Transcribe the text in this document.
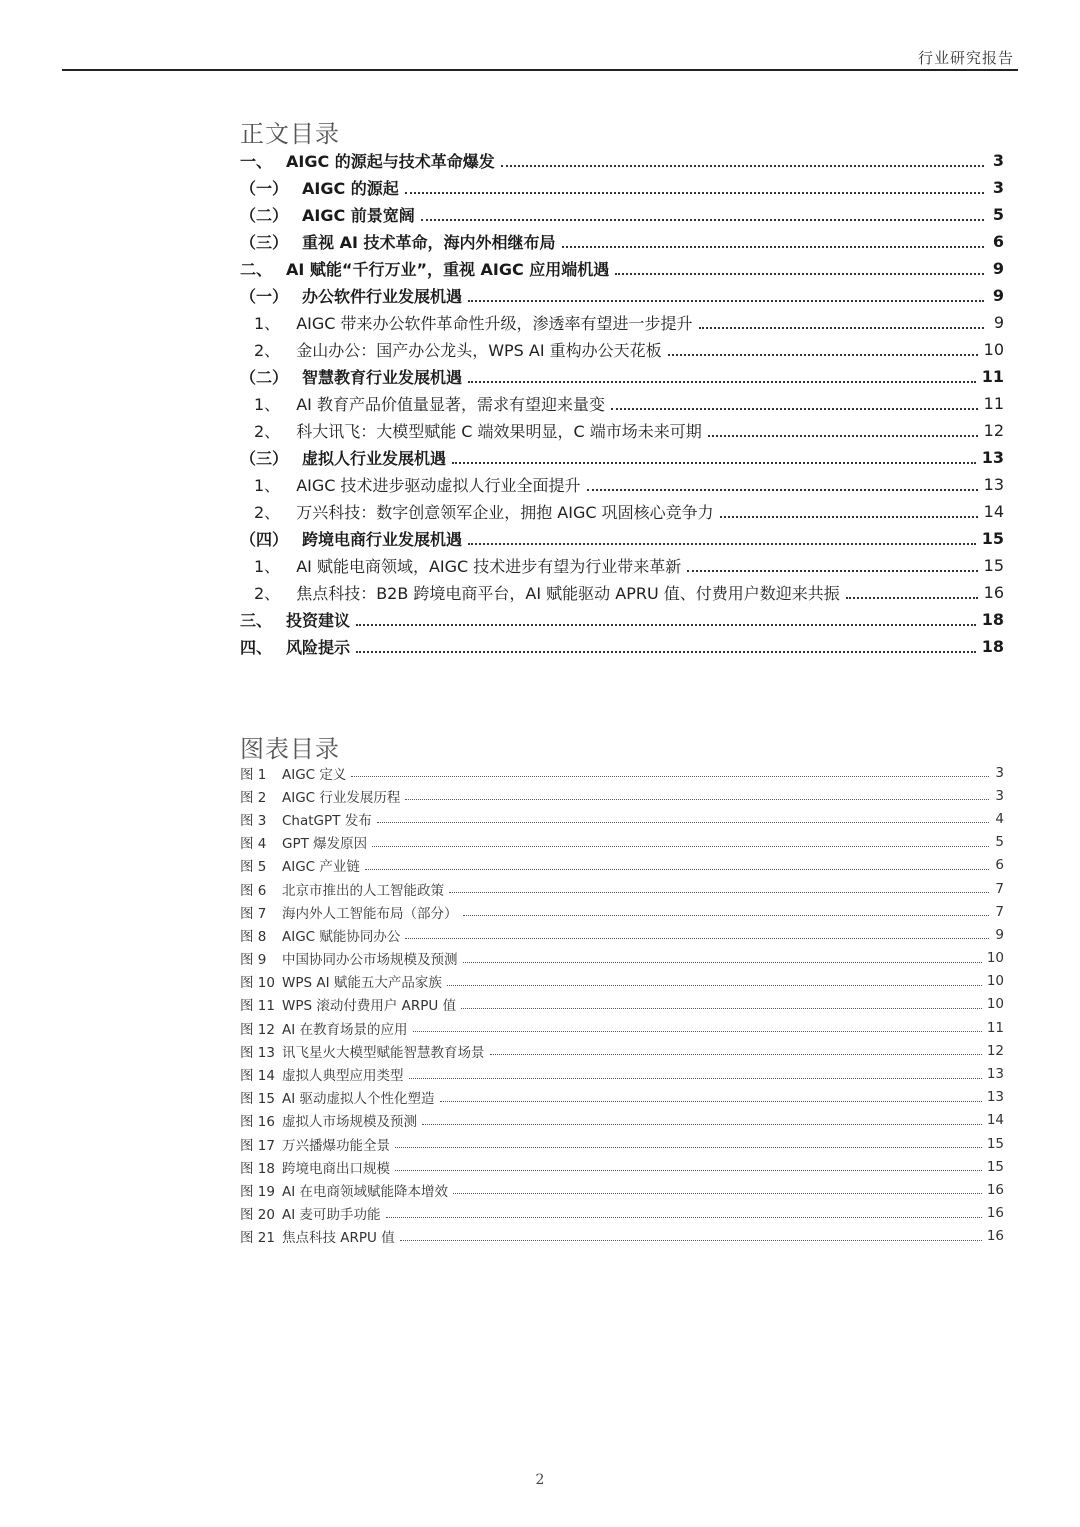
行业研究报告
正文目录
一、 AIGC 的源起与技术革命爆发	3
（一） AIGC 的源起	3
（二） AIGC 前景宽阔	5
（三） 重视 AI 技术革命，海内外相继布局	6
二、 AI 赋能“千行万业”，重视 AIGC 应用端机遇	9
（一） 办公软件行业发展机遇	9
1、 AIGC 带来办公软件革命性升级，渗透率有望进一步提升	9
2、 金山办公：国产办公龙头，WPS AI 重构办公天花板	10
（二） 智慧教育行业发展机遇	11
1、 AI 教育产品价值量显著，需求有望迎来量变	11
2、 科大讯飞：大模型赋能 C 端效果明显，C 端市场未来可期	12
（三） 虚拟人行业发展机遇	13
1、 AIGC 技术进步驱动虚拟人行业全面提升	13
2、 万兴科技：数字创意领军企业，拥抱 AIGC 巩固核心竞争力	14
（四） 跨境电商行业发展机遇	15
1、 AI 赋能电商领域，AIGC 技术进步有望为行业带来革新	15
2、 焦点科技：B2B 跨境电商平台，AI 赋能驱动 APRU 值、付费用户数迎来共振	16
三、 投资建议	18
四、 风险提示	18
图表目录
图 1	AIGC 定义	3
图 2	AIGC 行业发展历程	3
图 3	ChatGPT 发布	4
图 4	GPT 爆发原因	5
图 5	AIGC 产业链	6
图 6	北京市推出的人工智能政策	7
图 7	海内外人工智能布局（部分）	7
图 8	AIGC 赋能协同办公	9
图 9	中国协同办公市场规模及预测	10
图 10 WPS AI 赋能五大产品家族	10
图 11 WPS 滚动付费用户 ARPU 值	10
图 12 AI 在教育场景的应用	11
图 13 讯飞星火大模型赋能智慧教育场景	12
图 14 虚拟人典型应用类型	13
图 15 AI 驱动虚拟人个性化塑造	13
图 16 虚拟人市场规模及预测	14
图 17 万兴播爆功能全景	15
图 18 跨境电商出口规模	15
图 19 AI 在电商领域赋能降本增效	16
图 20 AI 麦可助手功能	16
图 21 焦点科技 ARPU 值	16
2
